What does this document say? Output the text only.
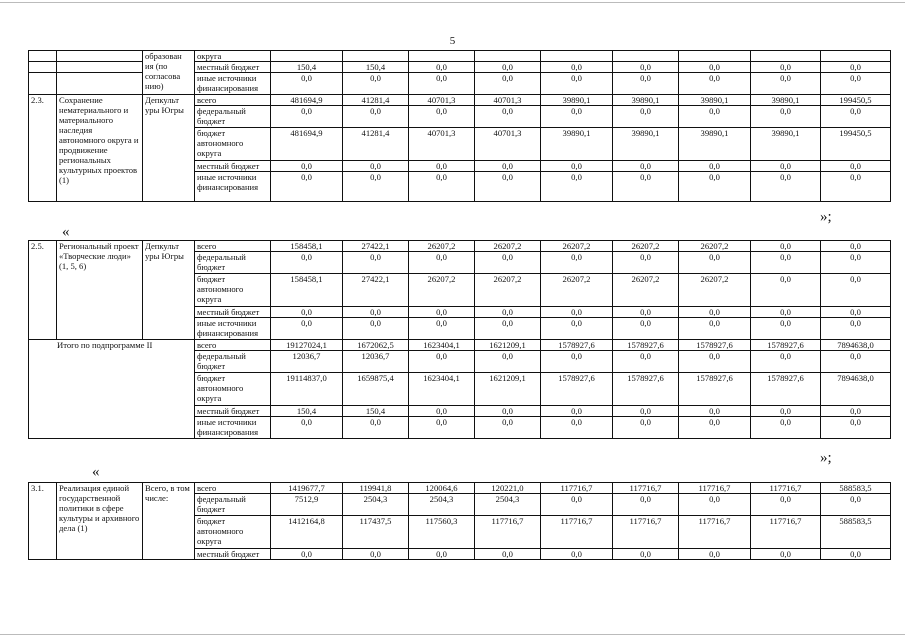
5
		образован ия (по согласова нию)	округа									
			местный бюджет	150,4	150,4	0,0	0,0	0,0	0,0	0,0	0,0	0,0
			иные источники финансирования	0,0	0,0	0,0	0,0	0,0	0,0	0,0	0,0	0,0
2.3.	Сохранение нематериального и материального наследия автономного округа и продвижение региональных культурных проектов (1)	Депкульт уры Югры	всего	481694,9	41281,4	40701,3	40701,3	39890,1	39890,1	39890,1	39890,1	199450,5
			федеральный бюджет	0,0	0,0	0,0	0,0	0,0	0,0	0,0	0,0	0,0
			бюджет автономного округа	481694,9	41281,4	40701,3	40701,3	39890,1	39890,1	39890,1	39890,1	199450,5
			местный бюджет	0,0	0,0	0,0	0,0	0,0	0,0	0,0	0,0	0,0
			иные источники финансирования	0,0	0,0	0,0	0,0	0,0	0,0	0,0	0,0	0,0
»;
«
2.5.	Региональный проект «Творческие люди» (1, 5, 6)	Депкульт уры Югры	всего	158458,1	27422,1	26207,2	26207,2	26207,2	26207,2	26207,2	0,0	0,0
			федеральный бюджет	0,0	0,0	0,0	0,0	0,0	0,0	0,0	0,0	0,0
			бюджет автономного округа	158458,1	27422,1	26207,2	26207,2	26207,2	26207,2	26207,2	0,0	0,0
			местный бюджет	0,0	0,0	0,0	0,0	0,0	0,0	0,0	0,0	0,0
			иные источники финансирования	0,0	0,0	0,0	0,0	0,0	0,0	0,0	0,0	0,0

Итого по подпрограмме II			всего	19127024,1	1672062,5	1623404,1	1621209,1	1578927,6	1578927,6	1578927,6	1578927,6	7894638,0
			федеральный бюджет	12036,7	12036,7	0,0	0,0	0,0	0,0	0,0	0,0	0,0
			бюджет автономного округа	19114837,0	1659875,4	1623404,1	1621209,1	1578927,6	1578927,6	1578927,6	1578927,6	7894638,0
			местный бюджет	150,4	150,4	0,0	0,0	0,0	0,0	0,0	0,0	0,0
			иные источники финансирования	0,0	0,0	0,0	0,0	0,0	0,0	0,0	0,0	0,0
»;
«
3.1.	Реализация единой государственной политики в сфере культуры и архивного дела (1)	Всего, в том числе:	всего	1419677,7	119941,8	120064,6	120221,0	117716,7	117716,7	117716,7	117716,7	588583,5
			федеральный бюджет	7512,9	2504,3	2504,3	2504,3	0,0	0,0	0,0	0,0	0,0
			бюджет автономного округа	1412164,8	117437,5	117560,3	117716,7	117716,7	117716,7	117716,7	117716,7	588583,5
			местный бюджет	0,0	0,0	0,0	0,0	0,0	0,0	0,0	0,0	0,0
